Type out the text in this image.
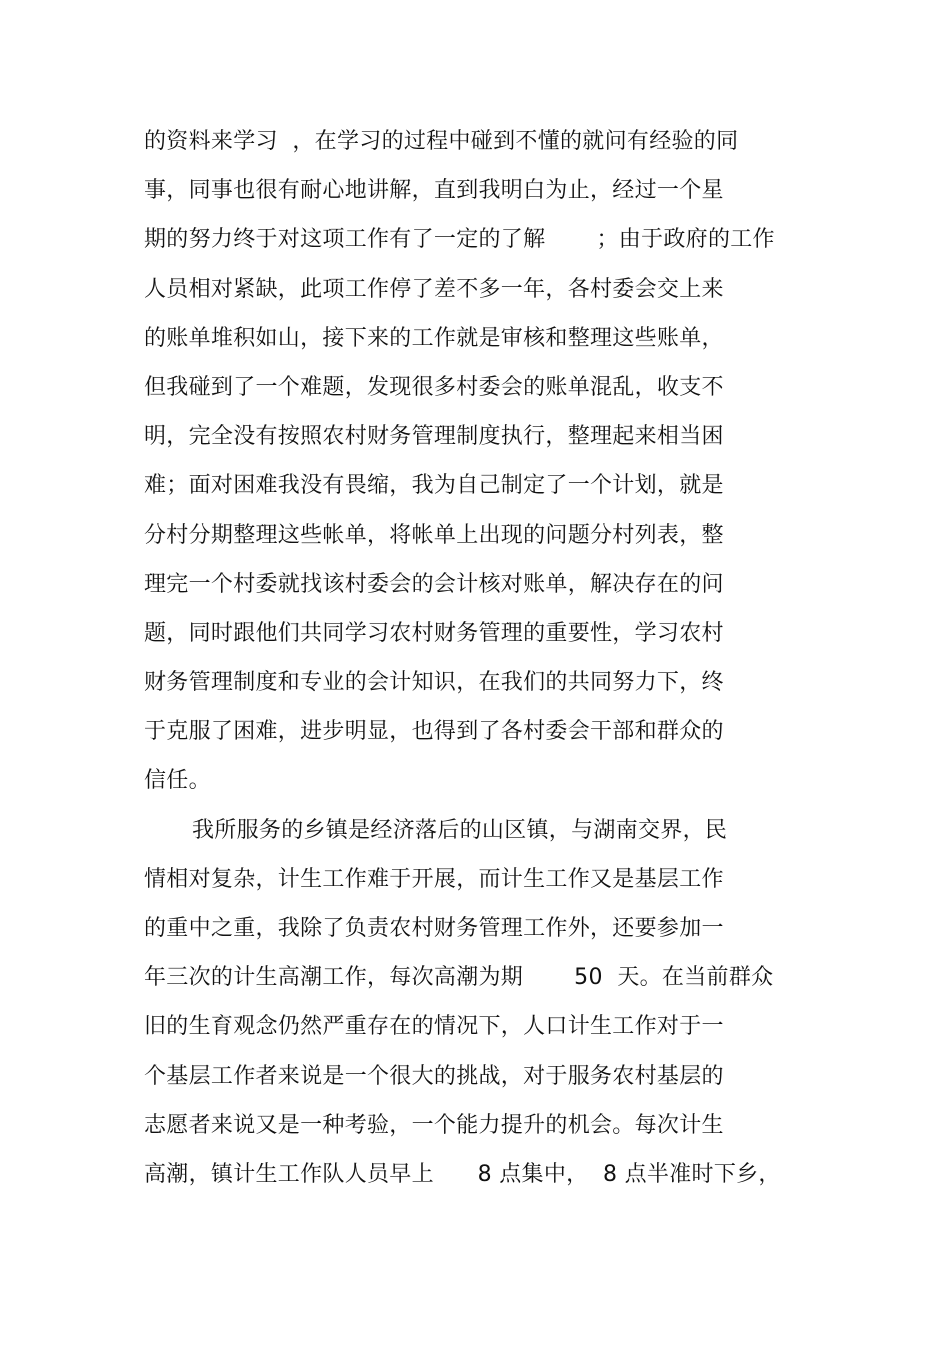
的资料来学习  ，在学习的过程中碰到不懂的就问有经验的同
事，同事也很有耐心地讲解，直到我明白为止，经过一个星
期的努力终于对这项工作有了一定的了解       ；由于政府的工作
人员相对紧缺，此项工作停了差不多一年，各村委会交上来
的账单堆积如山，接下来的工作就是审核和整理这些账单，
但我碰到了一个难题，发现很多村委会的账单混乱，收支不
明，完全没有按照农村财务管理制度执行，整理起来相当困
难；面对困难我没有畏缩，我为自己制定了一个计划，就是
分村分期整理这些帐单，将帐单上出现的问题分村列表，整
理完一个村委就找该村委会的会计核对账单，解决存在的问
题，同时跟他们共同学习农村财务管理的重要性，学习农村
财务管理制度和专业的会计知识，在我们的共同努力下，终
于克服了困难，进步明显，也得到了各村委会干部和群众的
信任。
我所服务的乡镇是经济落后的山区镇，与湖南交界，民
情相对复杂，计生工作难于开展，而计生工作又是基层工作
的重中之重，我除了负责农村财务管理工作外，还要参加一
年三次的计生高潮工作，每次高潮为期       50  天。在当前群众
旧的生育观念仍然严重存在的情况下，人口计生工作对于一
个基层工作者来说是一个很大的挑战，对于服务农村基层的
志愿者来说又是一种考验，一个能力提升的机会。每次计生
高潮，镇计生工作队人员早上      8 点集中，  8 点半准时下乡，
